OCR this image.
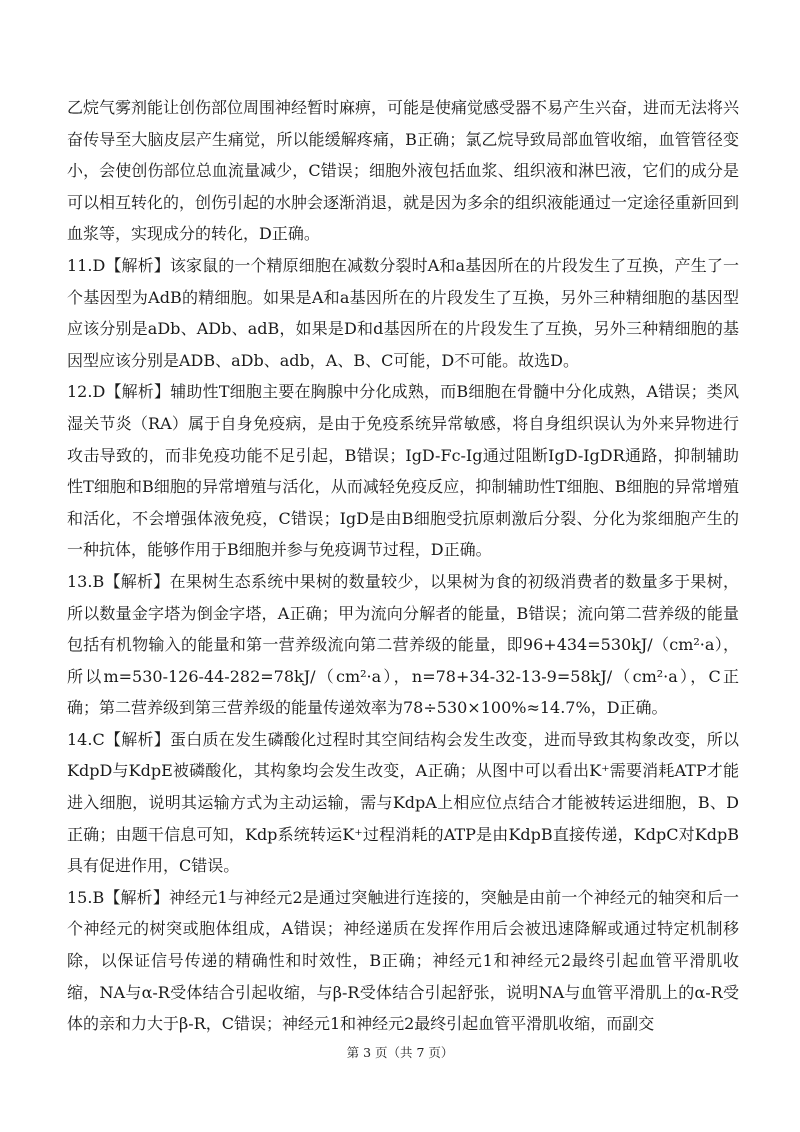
乙烷气雾剂能让创伤部位周围神经暂时麻痹，可能是使痛觉感受器不易产生兴奋，进而无法将兴奋传导至大脑皮层产生痛觉，所以能缓解疼痛，B正确；氯乙烷导致局部血管收缩，血管管径变小，会使创伤部位总血流量减少，C错误；细胞外液包括血浆、组织液和淋巴液，它们的成分是可以相互转化的，创伤引起的水肿会逐渐消退，就是因为多余的组织液能通过一定途径重新回到血浆等，实现成分的转化，D正确。

11.D【解析】该家鼠的一个精原细胞在减数分裂时A和a基因所在的片段发生了互换，产生了一个基因型为AdB的精细胞。如果是A和a基因所在的片段发生了互换，另外三种精细胞的基因型应该分别是aDb、ADb、adB，如果是D和d基因所在的片段发生了互换，另外三种精细胞的基因型应该分别是ADB、aDb、adb，A、B、C可能，D不可能。故选D。

12.D【解析】辅助性T细胞主要在胸腺中分化成熟，而B细胞在骨髓中分化成熟，A错误；类风湿关节炎（RA）属于自身免疫病，是由于免疫系统异常敏感，将自身组织误认为外来异物进行攻击导致的，而非免疫功能不足引起，B错误；IgD-Fc-Ig通过阻断IgD-IgDR通路，抑制辅助性T细胞和B细胞的异常增殖与活化，从而减轻免疫反应，抑制辅助性T细胞、B细胞的异常增殖和活化，不会增强体液免疫，C错误；IgD是由B细胞受抗原刺激后分裂、分化为浆细胞产生的一种抗体，能够作用于B细胞并参与免疫调节过程，D正确。

13.B【解析】在果树生态系统中果树的数量较少，以果树为食的初级消费者的数量多于果树，所以数量金字塔为倒金字塔，A正确；甲为流向分解者的能量，B错误；流向第二营养级的能量包括有机物输入的能量和第一营养级流向第二营养级的能量，即96+434=530kJ/（cm²·a），所以m=530-126-44-282=78kJ/（cm²·a），n=78+34-32-13-9=58kJ/（cm²·a），C正确；第二营养级到第三营养级的能量传递效率为78÷530×100%≈14.7%，D正确。

14.C【解析】蛋白质在发生磷酸化过程时其空间结构会发生改变，进而导致其构象改变，所以KdpD与KdpE被磷酸化，其构象均会发生改变，A正确；从图中可以看出K⁺需要消耗ATP才能进入细胞，说明其运输方式为主动运输，需与KdpA上相应位点结合才能被转运进细胞，B、D正确；由题干信息可知，Kdp系统转运K⁺过程消耗的ATP是由KdpB直接传递，KdpC对KdpB具有促进作用，C错误。

15.B【解析】神经元1与神经元2是通过突触进行连接的，突触是由前一个神经元的轴突和后一个神经元的树突或胞体组成，A错误；神经递质在发挥作用后会被迅速降解或通过特定机制移除，以保证信号传递的精确性和时效性，B正确；神经元1和神经元2最终引起血管平滑肌收缩，NA与α-R受体结合引起收缩，与β-R受体结合引起舒张，说明NA与血管平滑肌上的α-R受体的亲和力大于β-R，C错误；神经元1和神经元2最终引起血管平滑肌收缩，而副交

第 3 页（共 7 页）
